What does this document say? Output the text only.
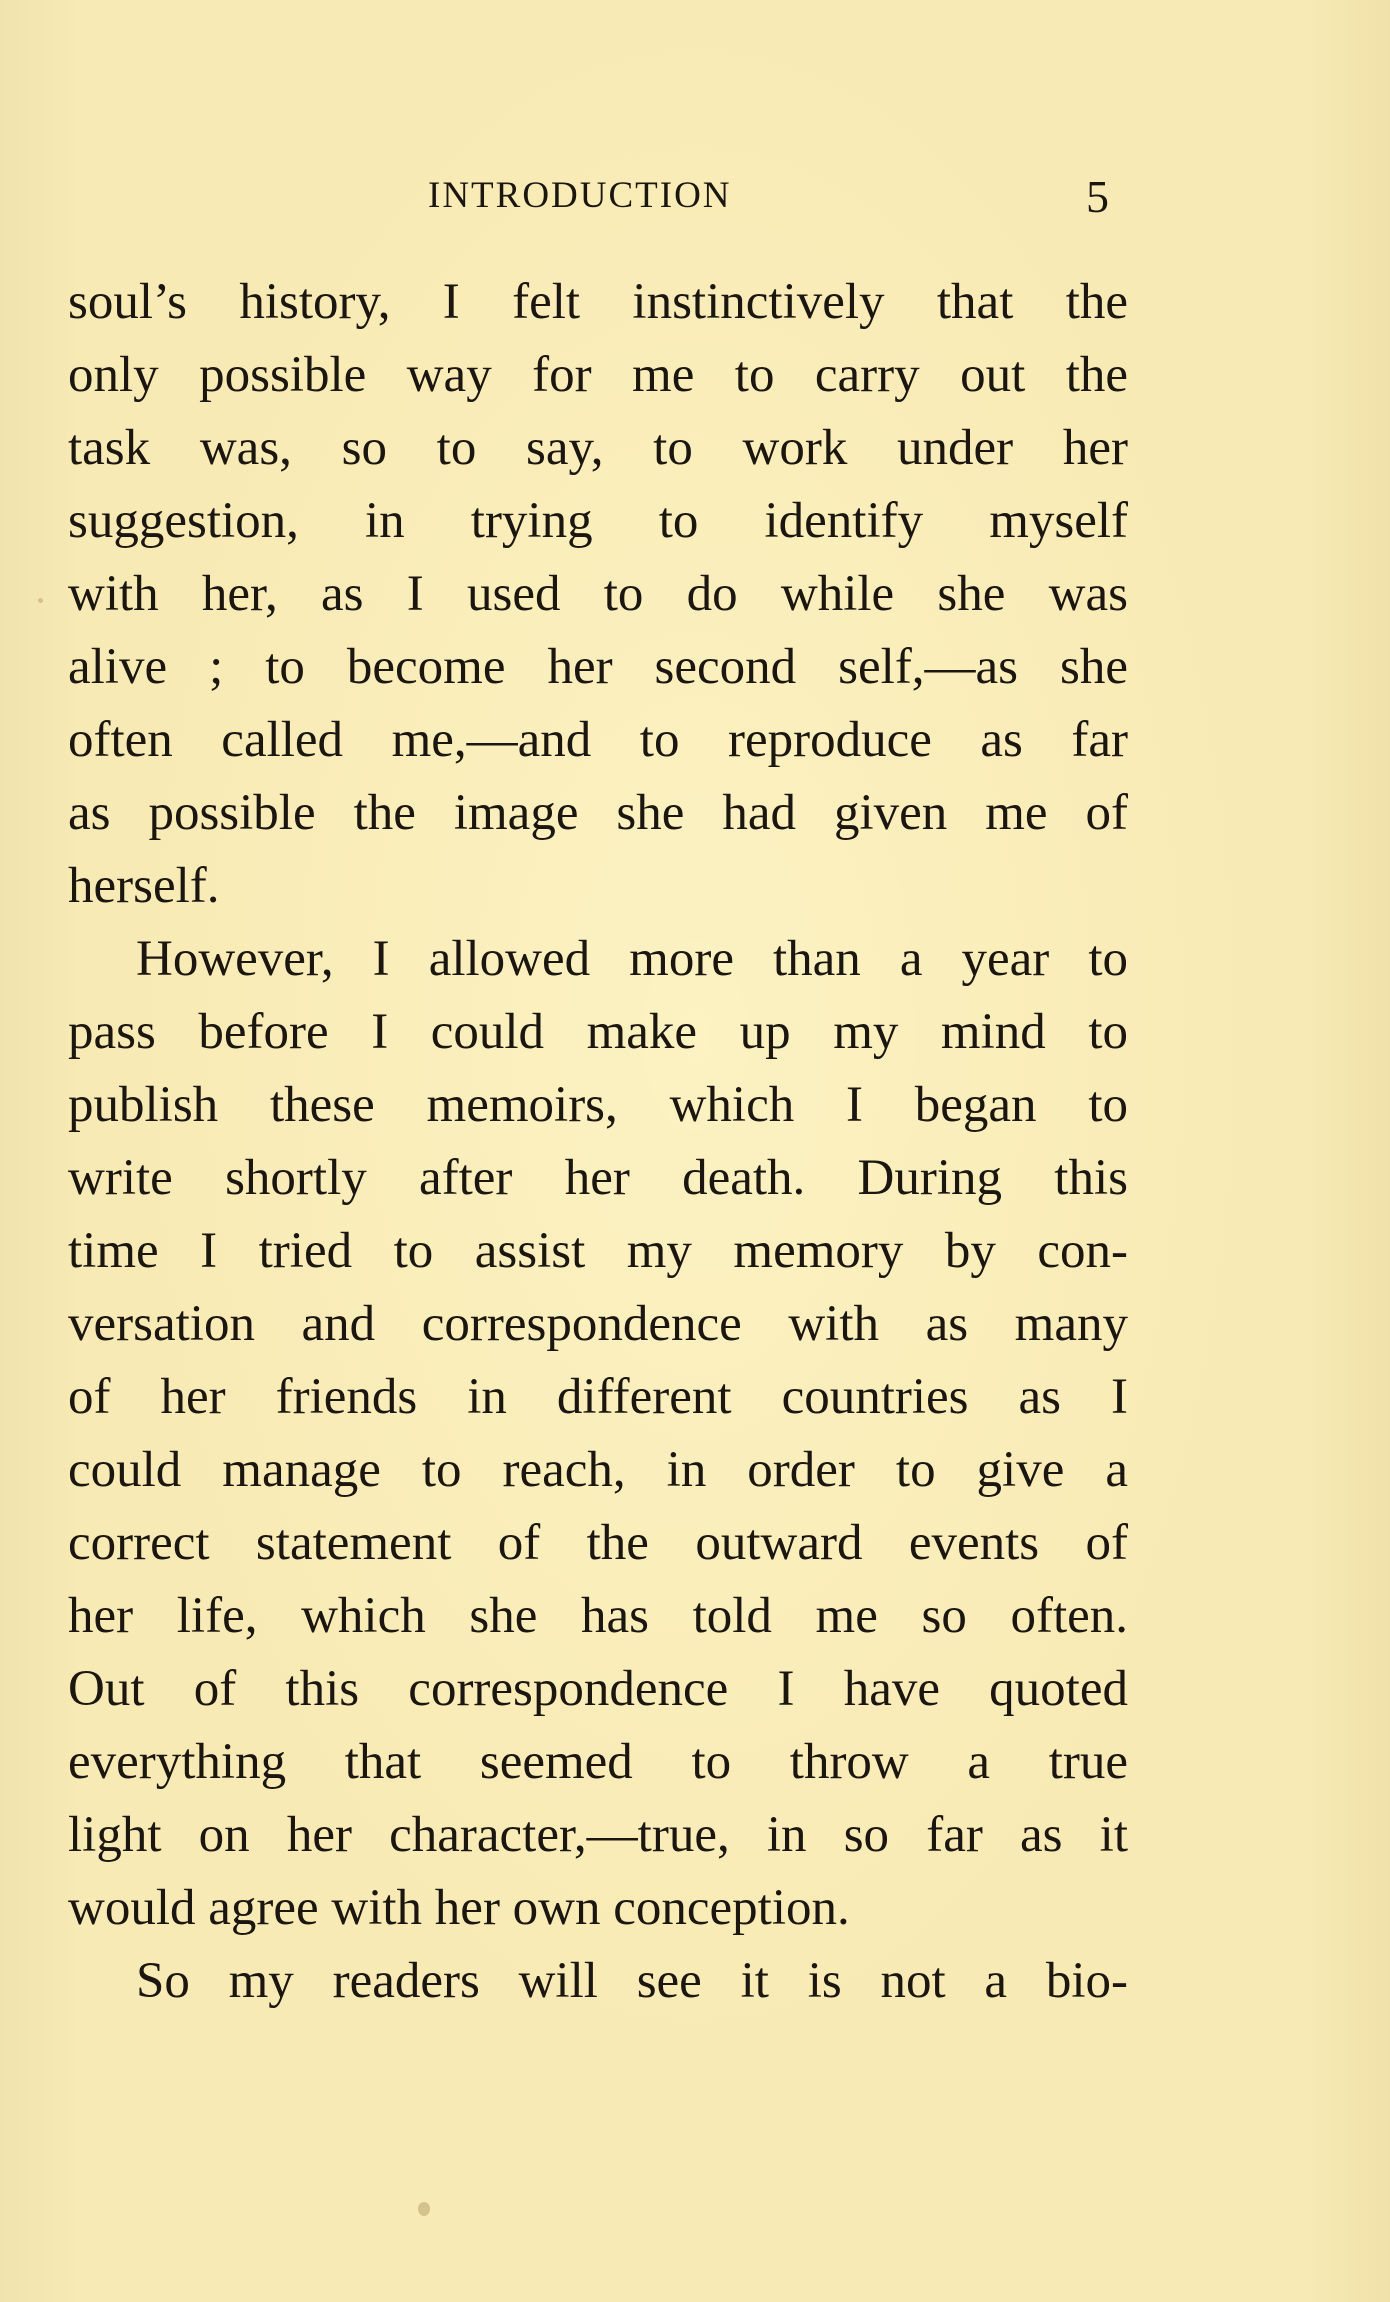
INTRODUCTION	5
soul’s history, I felt instinctively that the
only possible way for me to carry out the
task was, so to say, to work under her
suggestion, in trying to identify myself
with her, as I used to do while she was
alive ; to become her second self,—as she
often called me,—and to reproduce as far
as possible the image she had given me of
herself.
However, I allowed more than a year to
pass before I could make up my mind to
publish these memoirs, which I began to
write shortly after her death. During this
time I tried to assist my memory by con-
versation and correspondence with as many
of her friends in different countries as I
could manage to reach, in order to give a
correct statement of the outward events of
her life, which she has told me so often.
Out of this correspondence I have quoted
everything that seemed to throw a true
light on her character,—true, in so far as it
would agree with her own conception.
So my readers will see it is not a bio-
